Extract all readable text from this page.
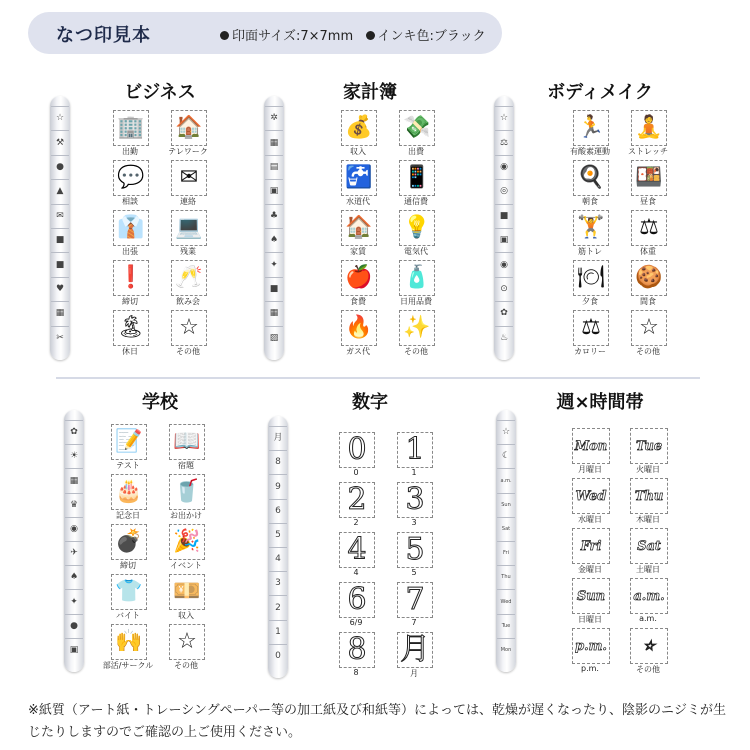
なつ印見本	印面サイズ:7×7mm インキ色:ブラック
ビジネス
☆
⚒
●
▲
✉
■
■
♥
▦
✂
🏢
出勤
🏠
テレワーク
💬
相談
✉
連絡
👔
出張
💻
残業
❗
締切
🥂
飲み会
🏝
休日
☆
その他
家計簿
✲
▦
▤
▣
♣
♠
✦
■
▦
▨
💰
収入
💸
出費
🚰
水道代
📱
通信費
🏠
家賃
💡
電気代
🍎
食費
🧴
日用品費
🔥
ガス代
✨
その他
ボディメイク
☆
⚖
◉
◎
■
▣
◉
⊙
✿
♨
🏃
有酸素運動
🧘
ストレッチ
🍳
朝食
🍱
昼食
🏋
筋トレ
⚖
体重
🍽
夕食
🍪
間食
⚖
カロリー
☆
その他
学校
✿
☀
▦
♛
◉
✈
♠
✦
●
▣
📝
テスト
📖
宿題
🎂
記念日
🥤
お出かけ
💣
締切
🎉
イベント
👕
バイト
💴
収入
🙌
部活/サークル
☆
その他
数字
月
8
9
6
5
4
3
2
1
0
0
0
1
1
2
2
3
3
4
4
5
5
6
6/9
7
7
8
8
月
月
週×時間帯
☆
☾
a.m.
Sun
Sat
Fri
Thu
Wed
Tue
Mon
Mon
月曜日
Tue
火曜日
Wed
水曜日
Thu
木曜日
Fri
金曜日
Sat
土曜日
Sun
日曜日
a.m.
a.m.
p.m.
p.m.
☆
その他
※紙質（アート紙・トレーシングペーパー等の加工紙及び和紙等）によっては、乾燥が遅くなったり、陰影のニジミが生じたりしますのでご確認の上ご使用ください。
